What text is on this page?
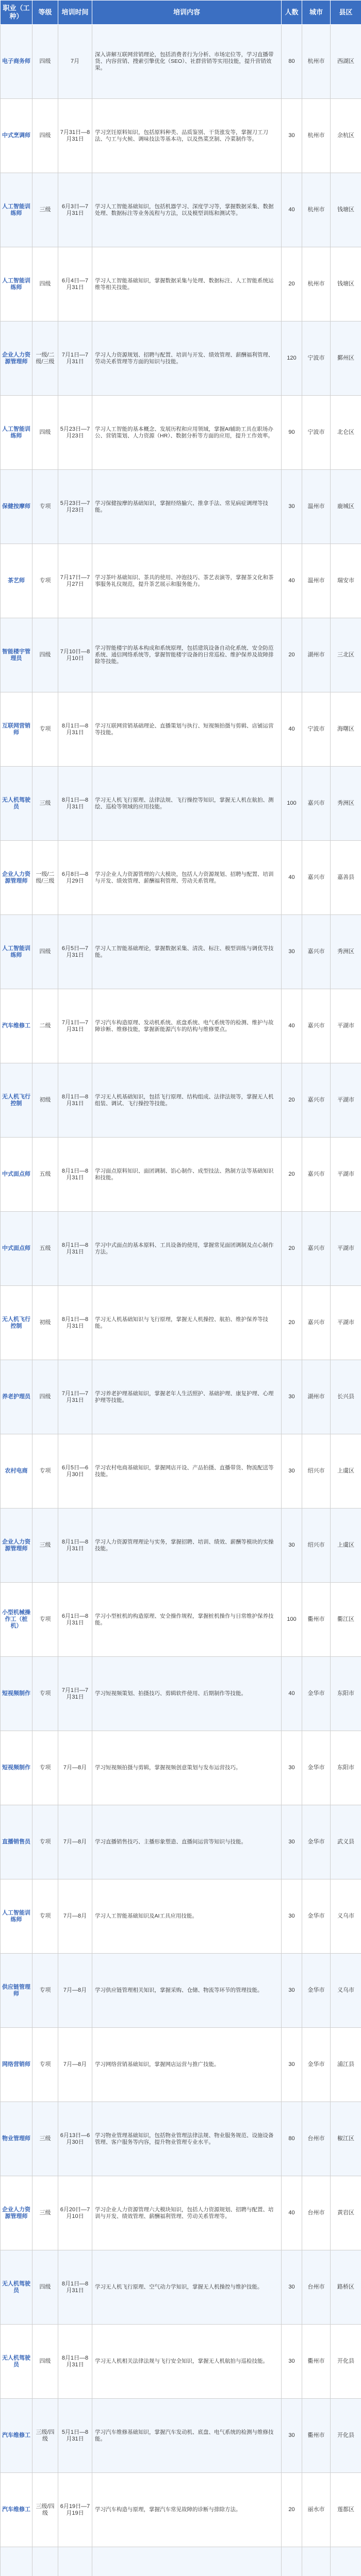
职业（工种）	等级	培训时间	培训内容	人数	城市	县区
电子商务师	四级	7月	深入讲解互联网营销理论，包括消费者行为分析、市场定位等，学习直播带货、内容营销、搜索引擎优化（SEO）、社群营销等实用技能，提升营销效果。	80	杭州市	西湖区
中式烹调师	四级	7月31日—8月31日	学习烹饪原料知识，包括原料种类、品质鉴别、干货涨发等，掌握刀工刀法、勺工与火候、调味技法等基本功，以及热菜烹制、冷菜制作等。	30	杭州市	余杭区
人工智能训练师	三级	6月3日—7月31日	学习人工智能基础知识，包括机器学习、深度学习等，掌握数据采集、数据处理、数据标注等业务流程与方法，以及模型训练和测试等。	40	杭州市	钱塘区
人工智能训练师	四级	6月4日—7月31日	学习人工智能基础知识，掌握数据采集与处理、数据标注、人工智能系统运维等相关技能。	20	杭州市	钱塘区
企业人力资源管理师	一级/二级/三级	7月1日—7月31日	学习人力资源规划、招聘与配置、培训与开发、绩效管理、薪酬福利管理、劳动关系管理等方面的知识与技能。	120	宁波市	鄞州区
人工智能训练师	四级	5月23日—7月23日	学习人工智能的基本概念、发展历程和应用领域，掌握AI辅助工具在职场办公、营销策划、人力资源（HR）、数据分析等方面的应用，提升工作效率。	90	宁波市	北仑区
保健按摩师	专项	5月23日—7月23日	学习保健按摩的基础知识，掌握经络腧穴、推拿手法、常见病症调理等技能。	30	温州市	鹿城区
茶艺师	专项	7月17日—7月27日	学习茶叶基础知识、茶具的使用、冲泡技巧、茶艺表演等，掌握茶文化和茶事服务礼仪规范，提升茶艺展示和服务能力。	40	温州市	瑞安市
智能楼宇管理员	四级	7月10日—8月10日	学习智能楼宇的基本构成和系统原理，包括建筑设备自动化系统、安全防范系统、通信网络系统等，掌握智能楼宇设备的日常巡检、维护保养及故障排除等技能。	20	湖州市	三北区
互联网营销师	专项	8月1日—8月31日	学习互联网营销基础理论、直播策划与执行、短视频拍摄与剪辑、店铺运营等技能。	40	宁波市	海曙区
无人机驾驶员	三级	8月1日—8月31日	学习无人机飞行原理、法律法规、飞行操控等知识，掌握无人机在航拍、测绘、巡检等领域的应用技能。	100	嘉兴市	秀洲区
企业人力资源管理师	一级/二级/三级	6月8日—8月29日	学习企业人力资源管理的六大模块，包括人力资源规划、招聘与配置、培训与开发、绩效管理、薪酬福利管理、劳动关系管理。	40	嘉兴市	嘉善县
人工智能训练师	四级	6月5日—7月31日	学习人工智能基础理论，掌握数据采集、清洗、标注、模型训练与调优等技能。	30	嘉兴市	秀洲区
汽车维修工	二级	7月1日—7月31日	学习汽车构造原理、发动机系统、底盘系统、电气系统等的检测、维护与故障诊断、维修技能，掌握新能源汽车的结构与维修要点。	40	嘉兴市	平湖市
无人机飞行控制	初级	8月1日—8月31日	学习无人机基础知识，包括飞行原理、结构组成、法律法规等，掌握无人机组装、调试、飞行操控等技能。	20	嘉兴市	平湖市
中式面点师	五级	8月1日—8月31日	学习面点原料知识、面团调制、馅心制作、成型技法、熟制方法等基础知识和技能。	20	嘉兴市	平湖市
中式面点师	五级	8月1日—8月31日	学习中式面点的基本原料、工具设备的使用，掌握常见面团调制及点心制作方法。	20	嘉兴市	平湖市
无人机飞行控制	初级	8月1日—8月31日	学习无人机基础知识与飞行原理，掌握无人机操控、航拍、维护保养等技能。	20	嘉兴市	平湖市
养老护理员	四级	7月1日—7月31日	学习养老护理基础知识，掌握老年人生活照护、基础护理、康复护理、心理护理等技能。	30	湖州市	长兴县
农村电商	专项	6月5日—6月30日	学习农村电商基础知识，掌握网店开设、产品拍摄、直播带货、物流配送等技能。	30	绍兴市	上虞区
企业人力资源管理师	三级	8月1日—8月31日	学习人力资源管理理论与实务，掌握招聘、培训、绩效、薪酬等模块的实操技能。	30	绍兴市	上虞区
小型机械操作工（桩机）	专项	6月1日—8月31日	学习小型桩机的构造原理、安全操作规程，掌握桩机操作与日常维护保养技能。	100	衢州市	衢江区
短视频制作	专项	7月1日—7月31日	学习短视频策划、拍摄技巧、剪辑软件使用、后期制作等技能。	40	金华市	东阳市
短视频制作	专项	7月—8月	学习短视频拍摄与剪辑，掌握视频创意策划与发布运营技巧。	30	金华市	东阳市
直播销售员	专项	7月—8月	学习直播销售技巧、主播形象塑造、直播间运营等知识与技能。	30	金华市	武义县
人工智能训练师	专项	7月—8月	学习人工智能基础知识及AI工具应用技能。	30	金华市	义乌市
供应链管理师	专项	7月—8月	学习供应链管理相关知识，掌握采购、仓储、物流等环节的管理技能。	30	金华市	义乌市
网络营销师	专项	7月—8月	学习网络营销基础知识，掌握网店运营与推广技能。	30	金华市	浦江县
物业管理师	三级	6月13日—6月30日	学习物业管理基础知识，包括物业管理法律法规、物业服务规范、设施设备管理、客户服务等内容，提升物业管理专业水平。	80	台州市	椒江区
企业人力资源管理师	三级	6月20日—7月10日	学习企业人力资源管理六大模块知识，包括人力资源规划、招聘与配置、培训与开发、绩效管理、薪酬福利管理、劳动关系管理等。	40	台州市	黄岩区
无人机驾驶员	四级	8月1日—8月31日	学习无人机飞行原理、空气动力学知识，掌握无人机操控与维护技能。	30	台州市	路桥区
无人机驾驶员	四级	8月1日—8月31日	学习无人机相关法律法规与飞行安全知识，掌握无人机航拍与巡检技能。	30	衢州市	开化县
汽车维修工	三级/四级	5月1日—8月31日	学习汽车维修基础知识，掌握汽车发动机、底盘、电气系统的检测与维修技能。	30	衢州市	开化县
汽车维修工	三级/四级	6月19日—7月19日	学习汽车构造与原理，掌握汽车常见故障的诊断与排除方法。	20	丽水市	莲都区
